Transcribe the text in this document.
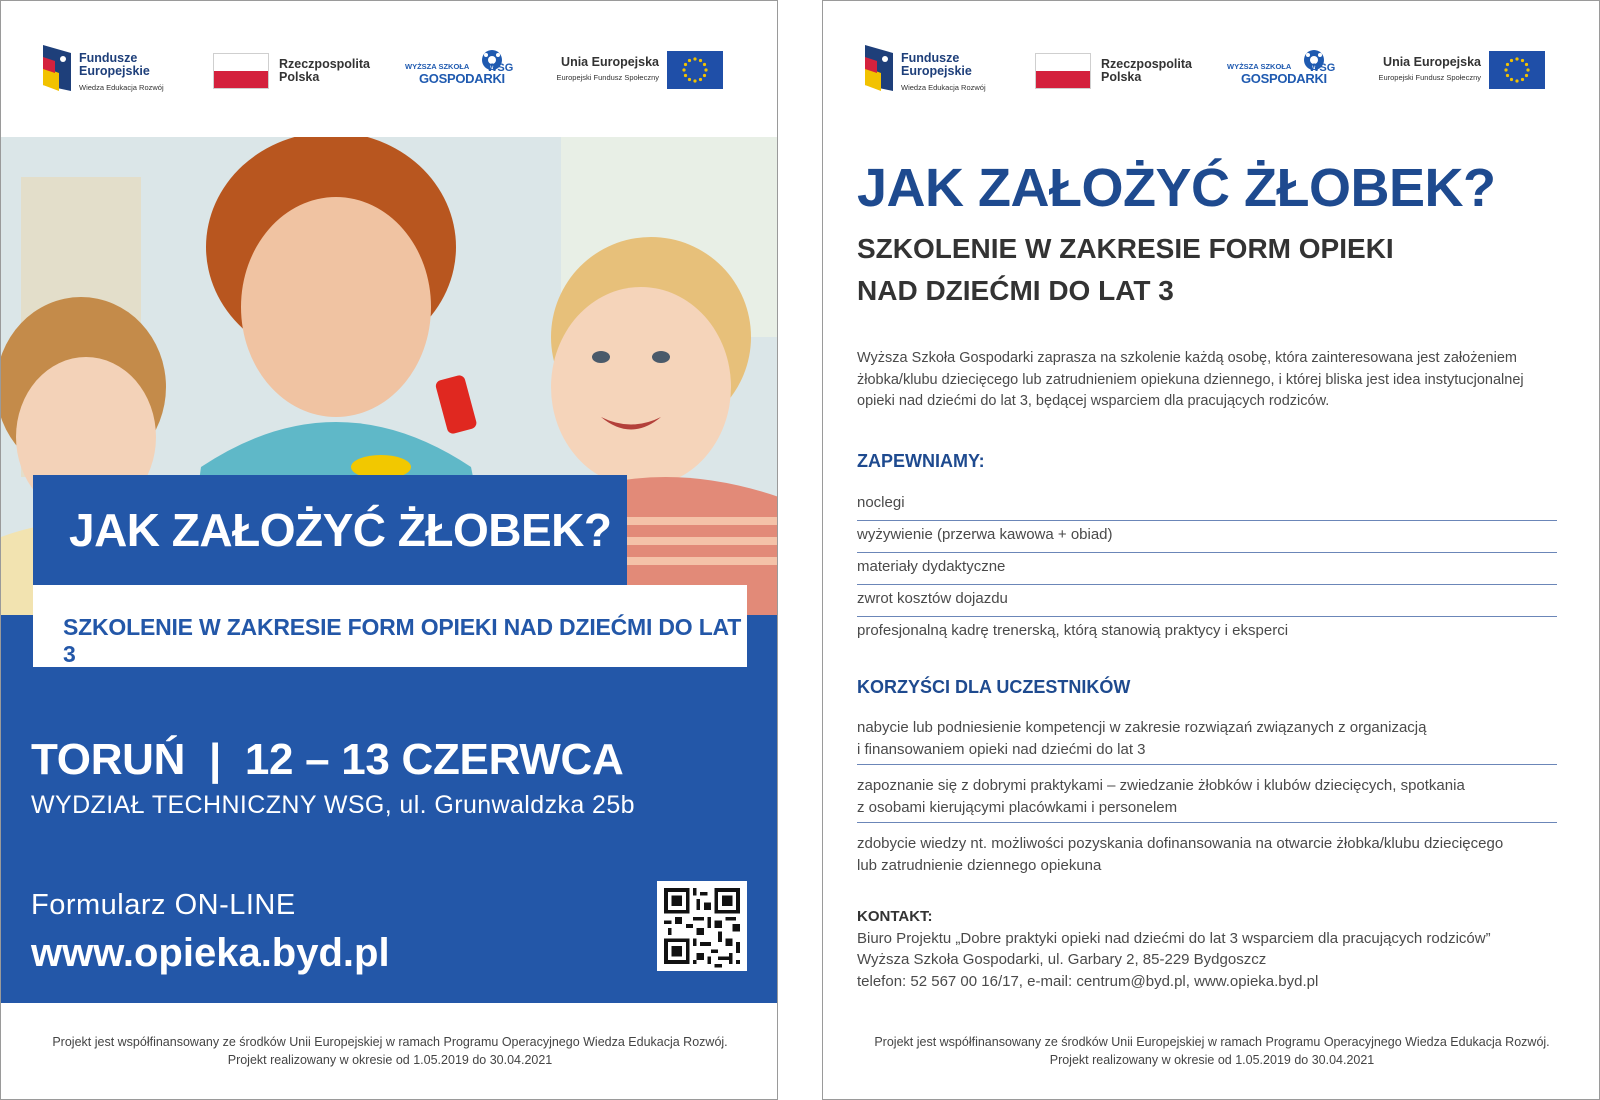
Fundusze
Europejskie
Wiedza Edukacja Rozwój
Rzeczpospolita
Polska
WYŻSZA SZKOŁA WSG
GOSPODARKI
Unia Europejska
Europejski Fundusz Społeczny
JAK ZAŁOŻYĆ ŻŁOBEK?
SZKOLENIE W ZAKRESIE FORM OPIEKI NAD DZIEĆMI DO LAT 3
TORUŃ  |  12 – 13 CZERWCA
WYDZIAŁ TECHNICZNY WSG, ul. Grunwaldzka 25b
Formularz ON-LINE
www.opieka.byd.pl
Projekt jest współfinansowany ze środków Unii Europejskiej w ramach Programu Operacyjnego Wiedza Edukacja Rozwój.
Projekt realizowany w okresie od 1.05.2019 do 30.04.2021
Fundusze
Europejskie
Wiedza Edukacja Rozwój
Rzeczpospolita
Polska
WYŻSZA SZKOŁA WSG
GOSPODARKI
Unia Europejska
Europejski Fundusz Społeczny
JAK ZAŁOŻYĆ ŻŁOBEK?
SZKOLENIE W ZAKRESIE FORM OPIEKI
NAD DZIEĆMI DO LAT 3

Wyższa Szkoła Gospodarki zaprasza na szkolenie każdą osobę, która zainteresowana jest założeniem żłobka/klubu dziecięcego lub zatrudnieniem opiekuna dziennego, i której bliska jest idea instytucjonalnej opieki nad dziećmi do lat 3, będącej wsparciem dla pracujących rodziców.

ZAPEWNIAMY:
noclegi
wyżywienie (przerwa kawowa + obiad)
materiały dydaktyczne
zwrot kosztów dojazdu
profesjonalną kadrę trenerską, którą stanowią praktycy i eksperci
KORZYŚCI DLA UCZESTNIKÓW
nabycie lub podniesienie kompetencji w zakresie rozwiązań związanych z organizacją
i finansowaniem opieki nad dziećmi do lat 3
zapoznanie się z dobrymi praktykami – zwiedzanie żłobków i klubów dziecięcych, spotkania
z osobami kierującymi placówkami i personelem
zdobycie wiedzy nt. możliwości pozyskania dofinansowania na otwarcie żłobka/klubu dziecięcego
lub zatrudnienie dziennego opiekuna
KONTAKT:
Biuro Projektu „Dobre praktyki opieki nad dziećmi do lat 3 wsparciem dla pracujących rodziców”
Wyższa Szkoła Gospodarki, ul. Garbary 2, 85-229 Bydgoszcz
telefon: 52 567 00 16/17, e-mail: centrum@byd.pl, www.opieka.byd.pl
Projekt jest współfinansowany ze środków Unii Europejskiej w ramach Programu Operacyjnego Wiedza Edukacja Rozwój.
Projekt realizowany w okresie od 1.05.2019 do 30.04.2021
